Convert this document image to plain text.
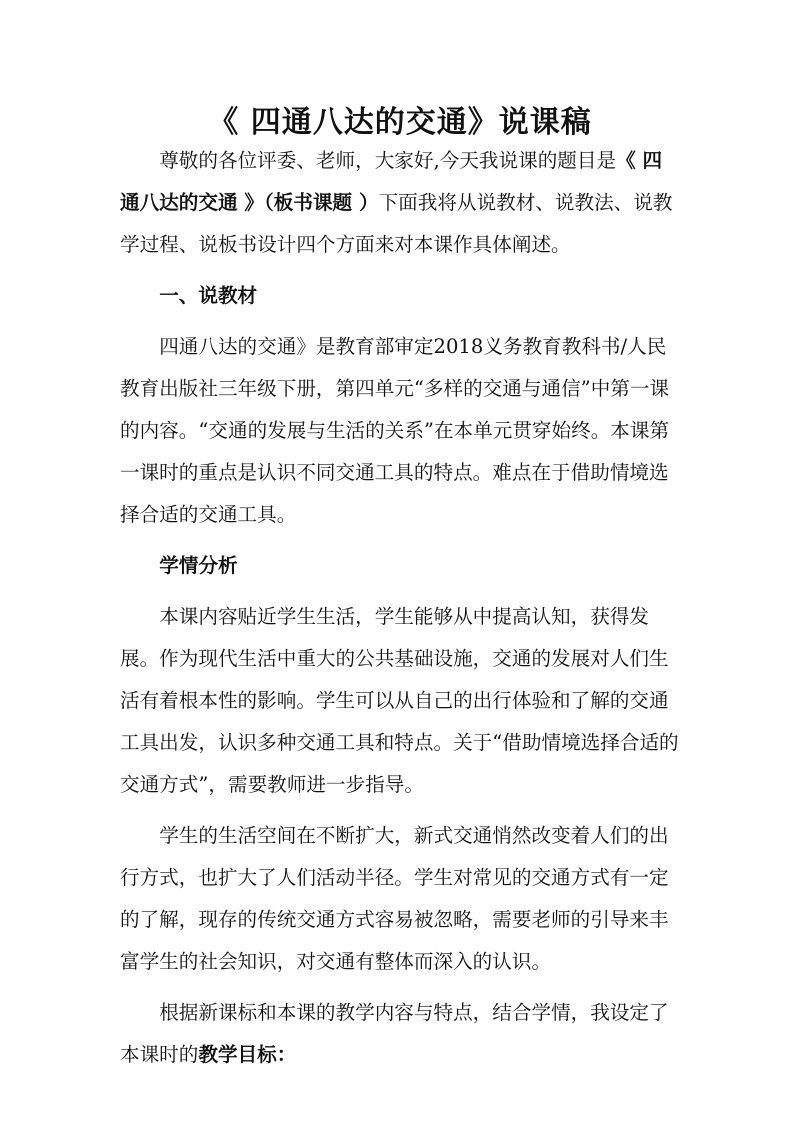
《 四通八达的交通》说课稿

尊敬的各位评委、老师，大家好,今天我说课的题目是《 四通八达的交通 》（板书课题 ）下面我将从说教材、说教法、说教学过程、说板书设计四个方面来对本课作具体阐述。

一、说教材

四通八达的交通》是教育部审定2018义务教育教科书/人民教育出版社三年级下册，第四单元“多样的交通与通信”中第一课的内容。“交通的发展与生活的关系”在本单元贯穿始终。本课第一课时的重点是认识不同交通工具的特点。难点在于借助情境选择合适的交通工具。

学情分析

本课内容贴近学生生活，学生能够从中提高认知，获得发展。作为现代生活中重大的公共基础设施，交通的发展对人们生活有着根本性的影响。学生可以从自己的出行体验和了解的交通工具出发，认识多种交通工具和特点。关于“借助情境选择合适的交通方式”，需要教师进一步指导。

学生的生活空间在不断扩大，新式交通悄然改变着人们的出行方式，也扩大了人们活动半径。学生对常见的交通方式有一定的了解，现存的传统交通方式容易被忽略，需要老师的引导来丰富学生的社会知识，对交通有整体而深入的认识。

根据新课标和本课的教学内容与特点，结合学情，我设定了本课时的教学目标：
